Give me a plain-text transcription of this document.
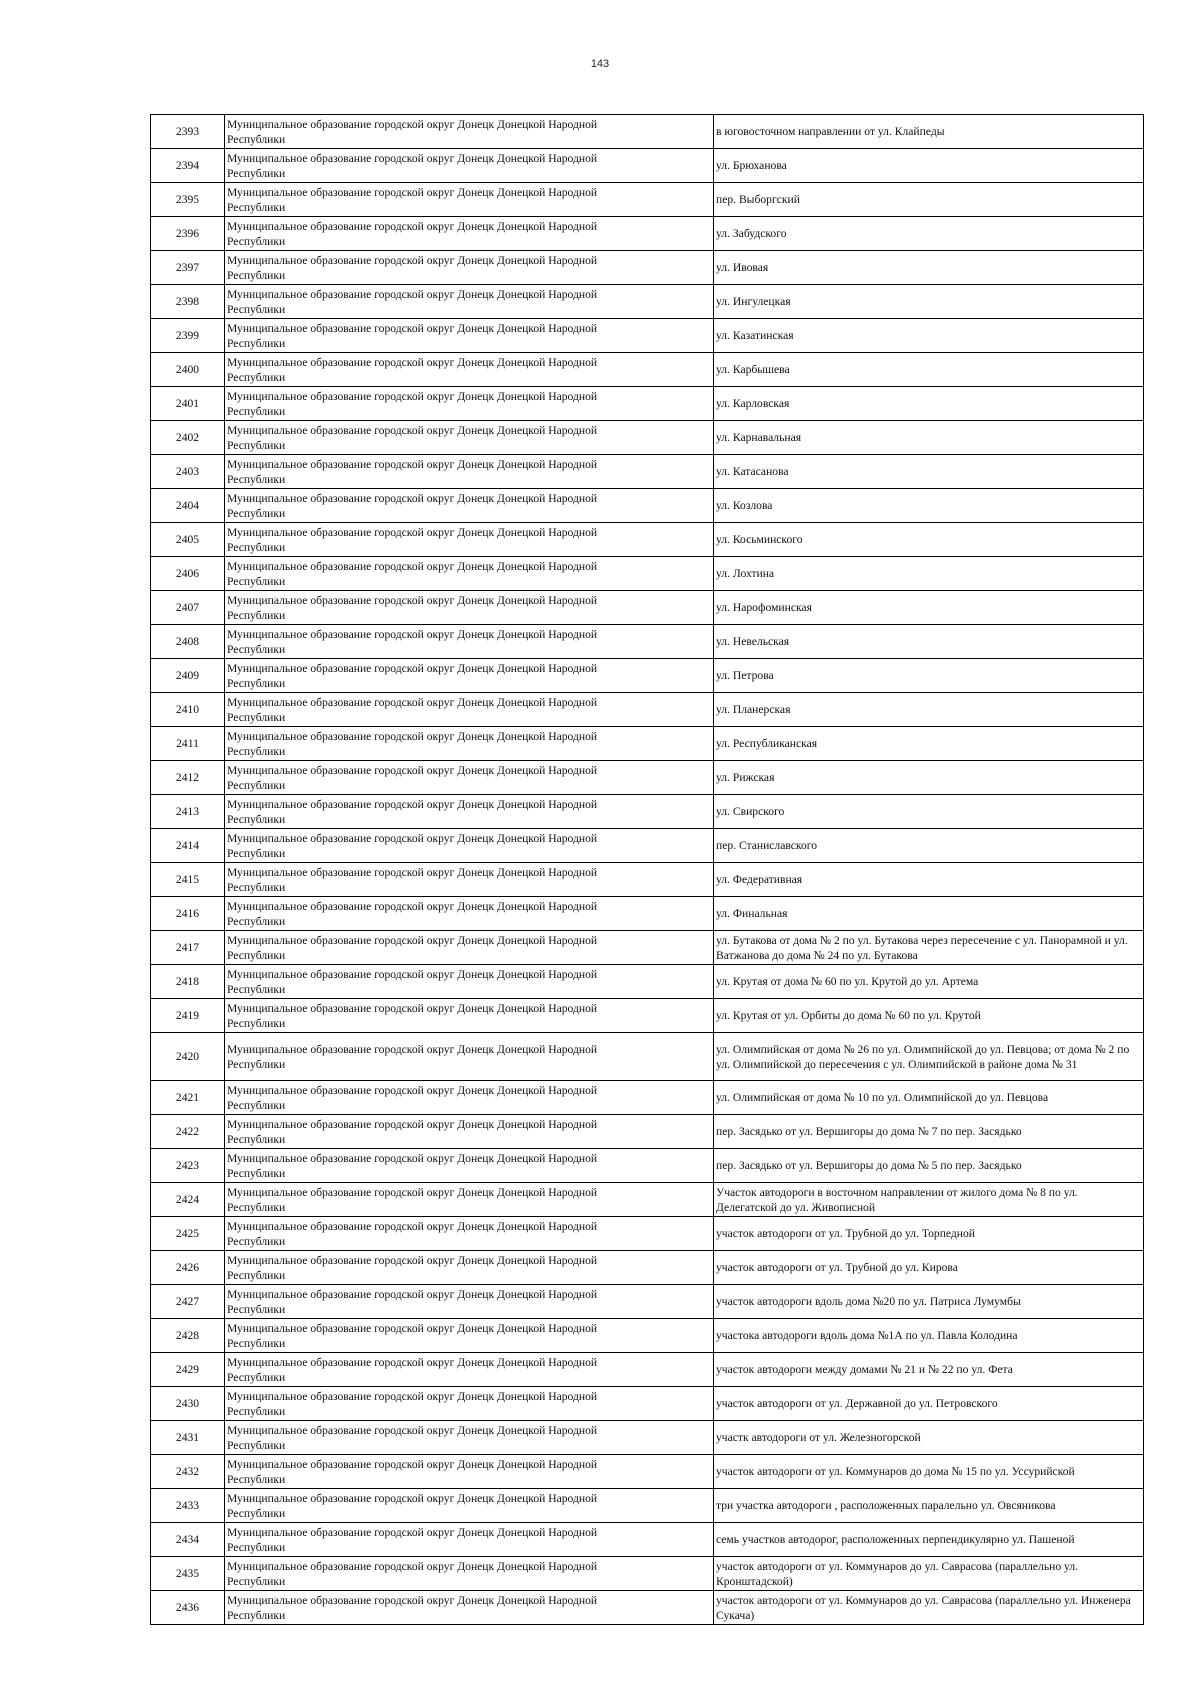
143
2393	Муниципальное образование городской округ Донецк Донецкой Народной
Республики	в юговосточном направлении от ул. Клайпеды
2394	Муниципальное образование городской округ Донецк Донецкой Народной
Республики	ул. Брюханова
2395	Муниципальное образование городской округ Донецк Донецкой Народной
Республики	пер. Выборгский
2396	Муниципальное образование городской округ Донецк Донецкой Народной
Республики	ул. Забудского
2397	Муниципальное образование городской округ Донецк Донецкой Народной
Республики	ул. Ивовая
2398	Муниципальное образование городской округ Донецк Донецкой Народной
Республики	ул. Ингулецкая
2399	Муниципальное образование городской округ Донецк Донецкой Народной
Республики	ул. Казатинская
2400	Муниципальное образование городской округ Донецк Донецкой Народной
Республики	ул. Карбышева
2401	Муниципальное образование городской округ Донецк Донецкой Народной
Республики	ул. Карловская
2402	Муниципальное образование городской округ Донецк Донецкой Народной
Республики	ул. Карнавальная
2403	Муниципальное образование городской округ Донецк Донецкой Народной
Республики	ул. Катасанова
2404	Муниципальное образование городской округ Донецк Донецкой Народной
Республики	ул. Козлова
2405	Муниципальное образование городской округ Донецк Донецкой Народной
Республики	ул. Косьминского
2406	Муниципальное образование городской округ Донецк Донецкой Народной
Республики	ул. Лохтина
2407	Муниципальное образование городской округ Донецк Донецкой Народной
Республики	ул. Нарофоминская
2408	Муниципальное образование городской округ Донецк Донецкой Народной
Республики	ул. Невельская
2409	Муниципальное образование городской округ Донецк Донецкой Народной
Республики	ул. Петрова
2410	Муниципальное образование городской округ Донецк Донецкой Народной
Республики	ул. Планерская
2411	Муниципальное образование городской округ Донецк Донецкой Народной
Республики	ул. Республиканская
2412	Муниципальное образование городской округ Донецк Донецкой Народной
Республики	ул. Рижская
2413	Муниципальное образование городской округ Донецк Донецкой Народной
Республики	ул. Свирского
2414	Муниципальное образование городской округ Донецк Донецкой Народной
Республики	пер. Станиславского
2415	Муниципальное образование городской округ Донецк Донецкой Народной
Республики	ул. Федеративная
2416	Муниципальное образование городской округ Донецк Донецкой Народной
Республики	ул. Финальная
2417	Муниципальное образование городской округ Донецк Донецкой Народной
Республики	ул. Бутакова от дома № 2 по ул. Бутакова через пересечение с ул. Панорамной и ул. Ватжанова до дома № 24 по ул. Бутакова
2418	Муниципальное образование городской округ Донецк Донецкой Народной
Республики	ул. Крутая от дома № 60 по ул. Крутой до ул. Артема
2419	Муниципальное образование городской округ Донецк Донецкой Народной
Республики	ул. Крутая от ул. Орбиты до дома № 60 по ул. Крутой
2420	Муниципальное образование городской округ Донецк Донецкой Народной
Республики	ул. Олимпийская от дома № 26 по ул. Олимпийской до ул. Певцова; от дома № 2 по ул. Олимпийской до пересечения с ул. Олимпийской в районе дома № 31
2421	Муниципальное образование городской округ Донецк Донецкой Народной
Республики	ул. Олимпийская от дома № 10 по ул. Олимпийской до ул. Певцова
2422	Муниципальное образование городской округ Донецк Донецкой Народной
Республики	пер. Засядько от ул. Вершигоры до дома № 7 по пер. Засядько
2423	Муниципальное образование городской округ Донецк Донецкой Народной
Республики	пер. Засядько от ул. Вершигоры до дома № 5 по пер. Засядько
2424	Муниципальное образование городской округ Донецк Донецкой Народной
Республики	Участок автодороги в восточном направлении от жилого дома № 8 по ул. Делегатской до ул. Живописной
2425	Муниципальное образование городской округ Донецк Донецкой Народной
Республики	участок автодороги от ул. Трубной до ул. Торпедной
2426	Муниципальное образование городской округ Донецк Донецкой Народной
Республики	участок автодороги от ул. Трубной до ул. Кирова
2427	Муниципальное образование городской округ Донецк Донецкой Народной
Республики	участок автодороги вдоль дома №20 по ул. Патриса Лумумбы
2428	Муниципальное образование городской округ Донецк Донецкой Народной
Республики	участока автодороги вдоль дома №1А по ул. Павла Колодина
2429	Муниципальное образование городской округ Донецк Донецкой Народной
Республики	участок автодороги между домами № 21 и № 22 по ул. Фета
2430	Муниципальное образование городской округ Донецк Донецкой Народной
Республики	участок автодороги от ул. Державной до ул. Петровского
2431	Муниципальное образование городской округ Донецк Донецкой Народной
Республики	участк автодороги от ул. Железногорской
2432	Муниципальное образование городской округ Донецк Донецкой Народной
Республики	участок автодороги от ул. Коммунаров до дома № 15 по ул. Уссурийской
2433	Муниципальное образование городской округ Донецк Донецкой Народной
Республики	три участка автодороги , расположенных паралельно ул. Овсяникова
2434	Муниципальное образование городской округ Донецк Донецкой Народной
Республики	семь участков автодорог, расположенных перпендикулярно ул. Пашеной
2435	Муниципальное образование городской округ Донецк Донецкой Народной
Республики	участок автодороги от ул. Коммунаров до ул. Саврасова (параллельно ул. Кронштадской)
2436	Муниципальное образование городской округ Донецк Донецкой Народной
Республики	участок автодороги от ул. Коммунаров до ул. Саврасова (параллельно ул. Инженера Сукача)
